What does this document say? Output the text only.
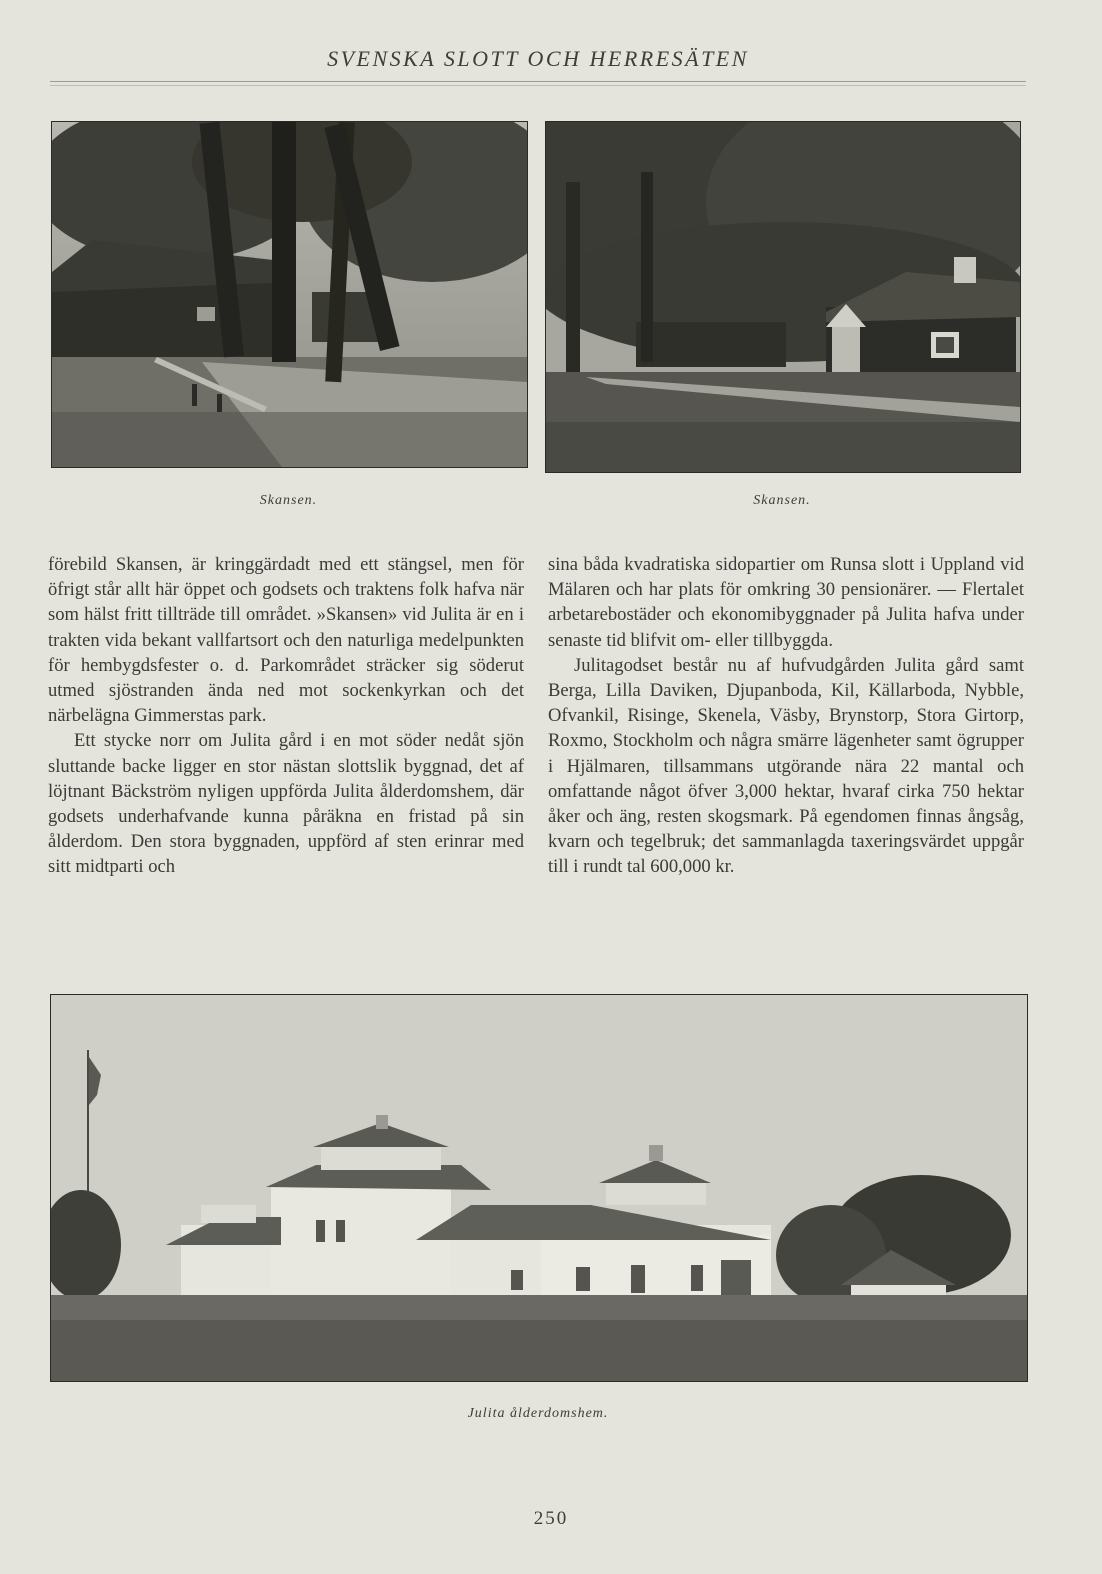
SVENSKA SLOTT OCH HERRESÄTEN
Skansen.	Skansen.

förebild Skansen, är kringgärdadt med ett stängsel, men för öfrigt står allt här öppet och godsets och traktens folk hafva när som hälst fritt tillträde till området. »Skansen» vid Julita är en i trakten vida bekant vallfartsort och den naturliga medelpunkten för hembygdsfester o. d. Parkområdet sträcker sig söderut utmed sjöstranden ända ned mot sockenkyrkan och det närbelägna Gimmerstas park.

Ett stycke norr om Julita gård i en mot söder nedåt sjön sluttande backe ligger en stor nästan slottslik byggnad, det af löjtnant Bäckström nyligen uppförda Julita ålderdomshem, där godsets underhafvande kunna påräkna en fristad på sin ålderdom. Den stora byggnaden, uppförd af sten erinrar med sitt midtparti och

sina båda kvadratiska sidopartier om Runsa slott i Uppland vid Mälaren och har plats för omkring 30 pensionärer. — Flertalet arbetarebostäder och ekonomibyggnader på Julita hafva under senaste tid blifvit om- eller tillbyggda.

Julitagodset består nu af hufvudgården Julita gård samt Berga, Lilla Daviken, Djupanboda, Kil, Källarboda, Nybble, Ofvankil, Risinge, Skenela, Väsby, Brynstorp, Stora Girtorp, Roxmo, Stockholm och några smärre lägenheter samt ögrupper i Hjälmaren, tillsammans utgörande nära 22 mantal och omfattande något öfver 3,000 hektar, hvaraf cirka 750 hektar åker och äng, resten skogsmark. På egendomen finnas ångsåg, kvarn och tegelbruk; det sammanlagda taxeringsvärdet uppgår till i rundt tal 600,000 kr.

Julita ålderdomshem.
250
